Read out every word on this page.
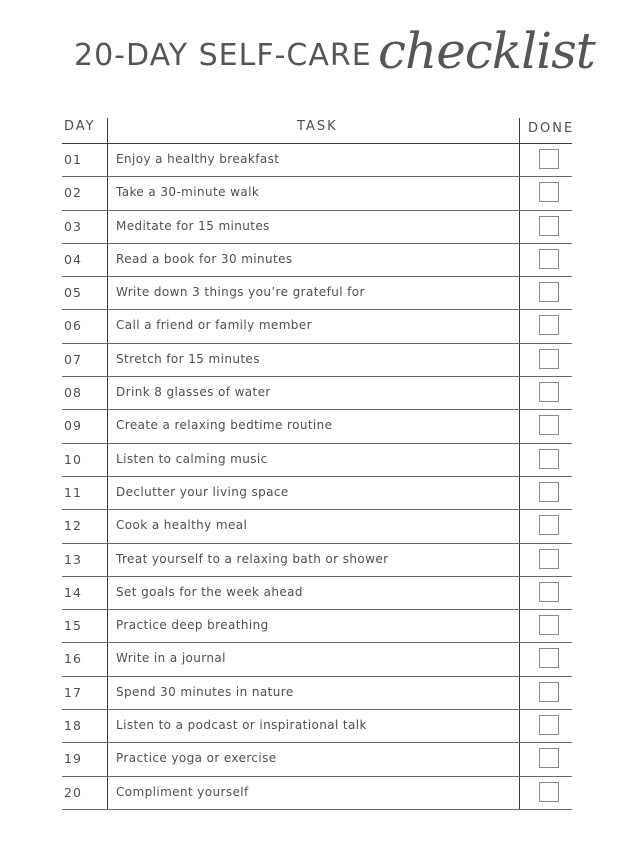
20-DAY SELF-CARE checklist
DAY	TASK	DONE
01	Enjoy a healthy breakfast
02	Take a 30-minute walk
03	Meditate for 15 minutes
04	Read a book for 30 minutes
05	Write down 3 things you’re grateful for
06	Call a friend or family member
07	Stretch for 15 minutes
08	Drink 8 glasses of water
09	Create a relaxing bedtime routine
10	Listen to calming music
11	Declutter your living space
12	Cook a healthy meal
13	Treat yourself to a relaxing bath or shower
14	Set goals for the week ahead
15	Practice deep breathing
16	Write in a journal
17	Spend 30 minutes in nature
18	Listen to a podcast or inspirational talk
19	Practice yoga or exercise
20	Compliment yourself
